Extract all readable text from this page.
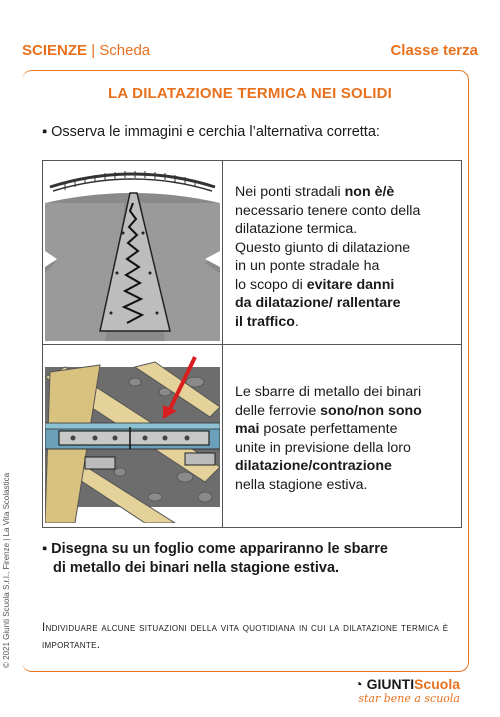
SCIENZE | Scheda	Classe terza
LA DILATAZIONE TERMICA NEI SOLIDI
▪ Osserva le immagini e cerchia l’alternativa corretta:
Nei ponti stradali non è/è
necessario tenere conto della
dilatazione termica.
Questo giunto di dilatazione
in un ponte stradale ha
lo scopo di evitare danni
da dilatazione/ rallentare
il traffico.
Le sbarre di metallo dei binari
delle ferrovie sono/non sono
mai posate perfettamente
unite in previsione della loro
dilatazione/contrazione
nella stagione estiva.
▪ Disegna su un foglio come appariranno le sbarre
di metallo dei binari nella stagione estiva.
Individuare alcune situazioni della vita quotidiana in cui la dilatazione termica è importante.
© 2021 Giunti Scuola S.r.l., Firenze | La Vita Scolastica
◔ GIUNTIScuola
star bene a scuola
